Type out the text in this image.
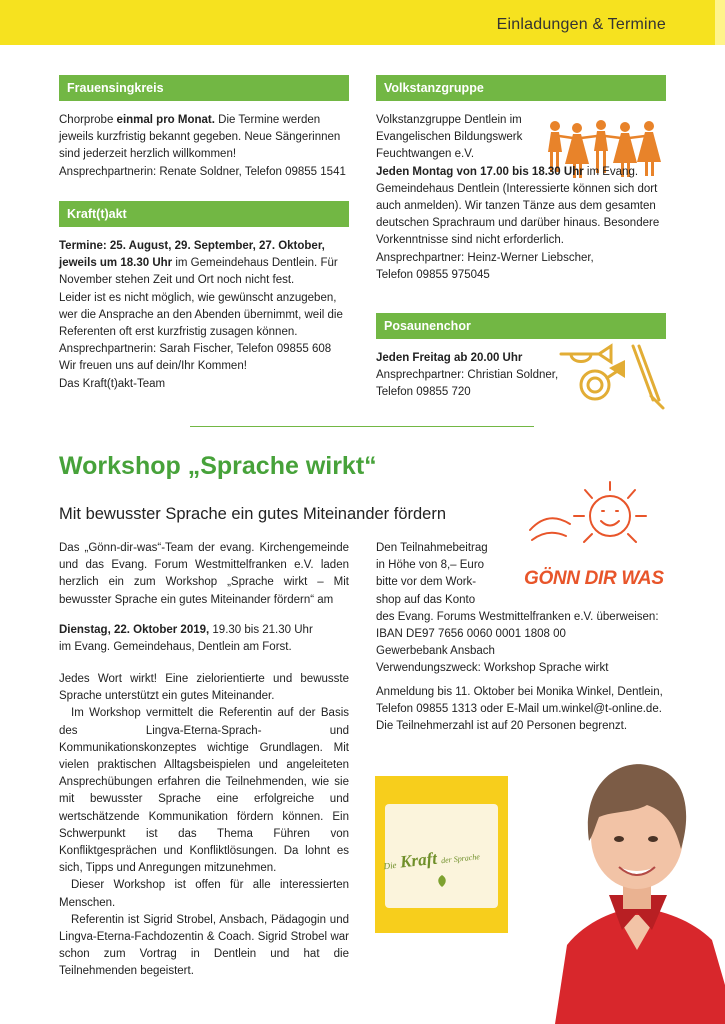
Einladungen & Termine
Frauensingkreis

Chorprobe einmal pro Monat. Die Termine werden jeweils kurzfristig bekannt gegeben. Neue Sängerinnen sind jederzeit herzlich willkommen!

Ansprechpartnerin: Renate Soldner, Telefon 09855 1541

Kraft(t)akt

Termine: 25. August, 29. September, 27. Oktober, jeweils um 18.30 Uhr im Gemeindehaus Dentlein. Für November stehen Zeit und Ort noch nicht fest.

Leider ist es nicht möglich, wie gewünscht anzugeben, wer die Ansprache an den Abenden übernimmt, weil die Referenten oft erst kurzfristig zusagen können.

Ansprechpartnerin: Sarah Fischer, Telefon 09855 608

Wir freuen uns auf dein/Ihr Kommen!

Das Kraft(t)akt-Team

Volkstanzgruppe

Volkstanzgruppe Dentlein im Evangelischen Bildungswerk Feuchtwangen e.V.

Jeden Montag von 17.00 bis 18.30 Uhr im Evang. Gemeindehaus Dentlein (Interessierte können sich dort auch anmelden). Wir tanzen Tänze aus dem gesamten deutschen Sprachraum und darüber hinaus. Besondere Vorkenntnisse sind nicht erforderlich.

Ansprechpartner: Heinz-Werner Liebscher,

Telefon 09855 975045

Posaunenchor

Jeden Freitag ab 20.00 Uhr

Ansprechpartner: Christian Soldner,

Telefon 09855 720

Workshop „Sprache wirkt“
Mit bewusster Sprache ein gutes Miteinander fördern
Das „Gönn-dir-was“-Team der evang. Kirchengemeinde und das Evang. Forum Westmittelfranken e.V. laden herzlich ein zum Workshop „Sprache wirkt – Mit bewusster Sprache ein gutes Miteinander fördern“ am

Dienstag, 22. Oktober 2019, 19.30 bis 21.30 Uhr

im Evang. Gemeindehaus, Dentlein am Forst.

Jedes Wort wirkt! Eine zielorientierte und bewusste Sprache unterstützt ein gutes Miteinander.

Im Workshop vermittelt die Referentin auf der Basis des Lingva-Eterna-Sprach- und Kommunikationskonzeptes wichtige Grundlagen. Mit vielen praktischen Alltagsbeispielen und angeleiteten Ansprechübungen erfahren die Teilnehmenden, wie sie mit bewusster Sprache eine erfolgreiche und wertschätzende Kommunikation fördern können. Ein Schwerpunkt ist das Thema Führen von Konfliktgesprächen und Konfliktlösungen. Da lohnt es sich, Tipps und Anregungen mitzunehmen.

Dieser Workshop ist offen für alle interessierten Menschen.

Referentin ist Sigrid Strobel, Ansbach, Pädagogin und Lingva-Eterna-Fachdozentin & Coach. Sigrid Strobel war schon zum Vortrag in Dentlein und hat die Teilnehmenden begeistert.

GÖNN DIR WAS

Den Teilnahmebeitrag

in Höhe von 8,– Euro

bitte vor dem Work-

shop auf das Konto

des Evang. Forums Westmittelfranken e.V. überweisen:

IBAN DE97 7656 0060 0001 1808 00

Gewerbebank Ansbach

Verwendungszweck: Workshop Sprache wirkt

Anmeldung bis 11. Oktober bei Monika Winkel, Dentlein, Telefon 09855 1313 oder E-Mail um.winkel@t-online.de. Die Teilnehmerzahl ist auf 20 Personen begrenzt.
Die Kraft der Sprache
